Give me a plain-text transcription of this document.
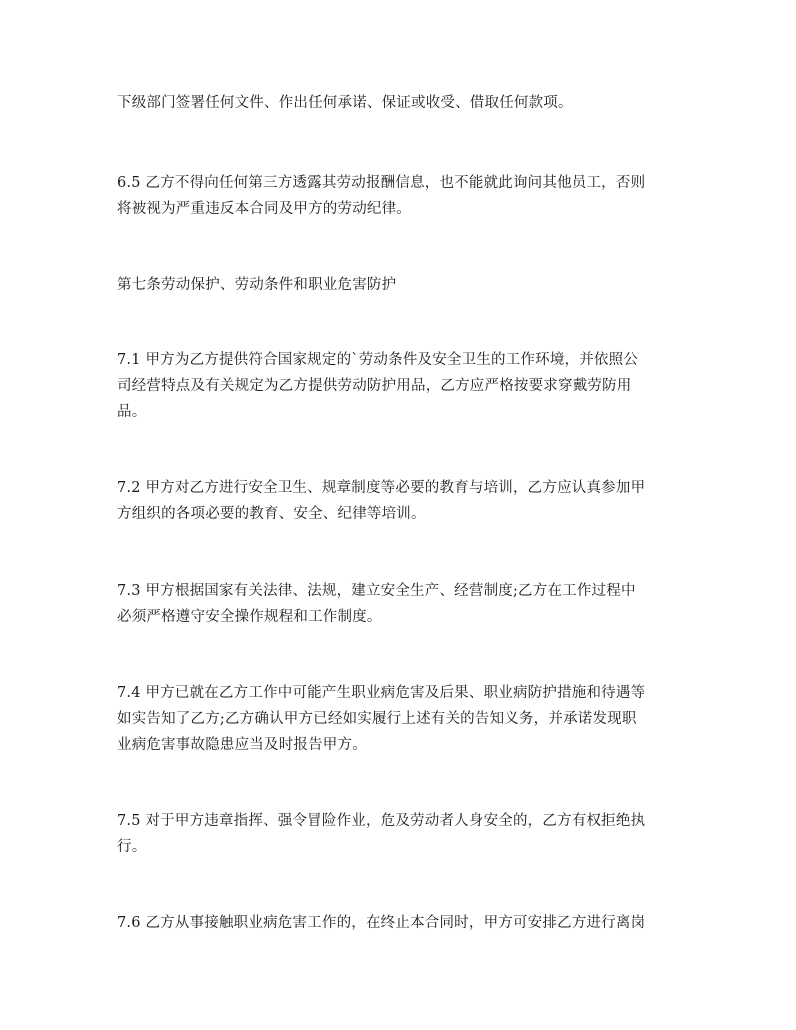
下级部门签署任何文件、作出任何承诺、保证或收受、借取任何款项。
6.5 乙方不得向任何第三方透露其劳动报酬信息，也不能就此询问其他员工，否则
将被视为严重违反本合同及甲方的劳动纪律。
第七条劳动保护、劳动条件和职业危害防护
7.1 甲方为乙方提供符合国家规定的`劳动条件及安全卫生的工作环境，并依照公
司经营特点及有关规定为乙方提供劳动防护用品，乙方应严格按要求穿戴劳防用
品。
7.2 甲方对乙方进行安全卫生、规章制度等必要的教育与培训，乙方应认真参加甲
方组织的各项必要的教育、安全、纪律等培训。
7.3 甲方根据国家有关法律、法规，建立安全生产、经营制度;乙方在工作过程中
必须严格遵守安全操作规程和工作制度。
7.4 甲方已就在乙方工作中可能产生职业病危害及后果、职业病防护措施和待遇等
如实告知了乙方;乙方确认甲方已经如实履行上述有关的告知义务，并承诺发现职
业病危害事故隐患应当及时报告甲方。
7.5 对于甲方违章指挥、强令冒险作业，危及劳动者人身安全的，乙方有权拒绝执
行。
7.6 乙方从事接触职业病危害工作的，在终止本合同时，甲方可安排乙方进行离岗
